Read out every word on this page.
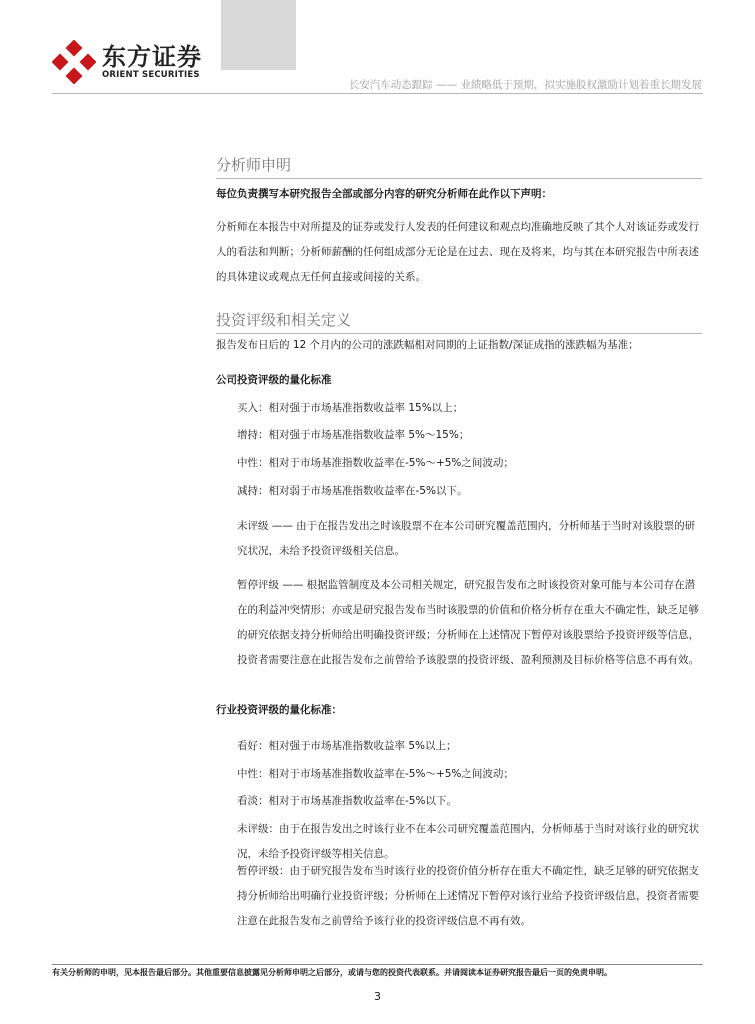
东方证券
ORIENT SECURITIES
长安汽车动态跟踪 —— 业绩略低于预期，拟实施股权激励计划着重长期发展
分析师申明
每位负责撰写本研究报告全部或部分内容的研究分析师在此作以下声明：
分析师在本报告中对所提及的证券或发行人发表的任何建议和观点均准确地反映了其个人对该证券或发行人的看法和判断；分析师薪酬的任何组成部分无论是在过去、现在及将来，均与其在本研究报告中所表述的具体建议或观点无任何直接或间接的关系。
投资评级和相关定义
报告发布日后的 12 个月内的公司的涨跌幅相对同期的上证指数/深证成指的涨跌幅为基准；
公司投资评级的量化标准
买入：相对强于市场基准指数收益率 15%以上；
增持：相对强于市场基准指数收益率 5%～15%；
中性：相对于市场基准指数收益率在-5%～+5%之间波动；
减持：相对弱于市场基准指数收益率在-5%以下。
未评级 —— 由于在报告发出之时该股票不在本公司研究覆盖范围内，分析师基于当时对该股票的研究状况，未给予投资评级相关信息。
暂停评级 —— 根据监管制度及本公司相关规定，研究报告发布之时该投资对象可能与本公司存在潜在的利益冲突情形；亦或是研究报告发布当时该股票的价值和价格分析存在重大不确定性，缺乏足够的研究依据支持分析师给出明确投资评级；分析师在上述情况下暂停对该股票给予投资评级等信息，投资者需要注意在此报告发布之前曾给予该股票的投资评级、盈利预测及目标价格等信息不再有效。
行业投资评级的量化标准：
看好：相对强于市场基准指数收益率 5%以上；
中性：相对于市场基准指数收益率在-5%～+5%之间波动；
看淡：相对于市场基准指数收益率在-5%以下。
未评级：由于在报告发出之时该行业不在本公司研究覆盖范围内，分析师基于当时对该行业的研究状况，未给予投资评级等相关信息。
暂停评级：由于研究报告发布当时该行业的投资价值分析存在重大不确定性，缺乏足够的研究依据支持分析师给出明确行业投资评级；分析师在上述情况下暂停对该行业给予投资评级信息，投资者需要注意在此报告发布之前曾给予该行业的投资评级信息不再有效。
有关分析师的申明，见本报告最后部分。其他重要信息披露见分析师申明之后部分，或请与您的投资代表联系。并请阅读本证券研究报告最后一页的免责申明。
3
